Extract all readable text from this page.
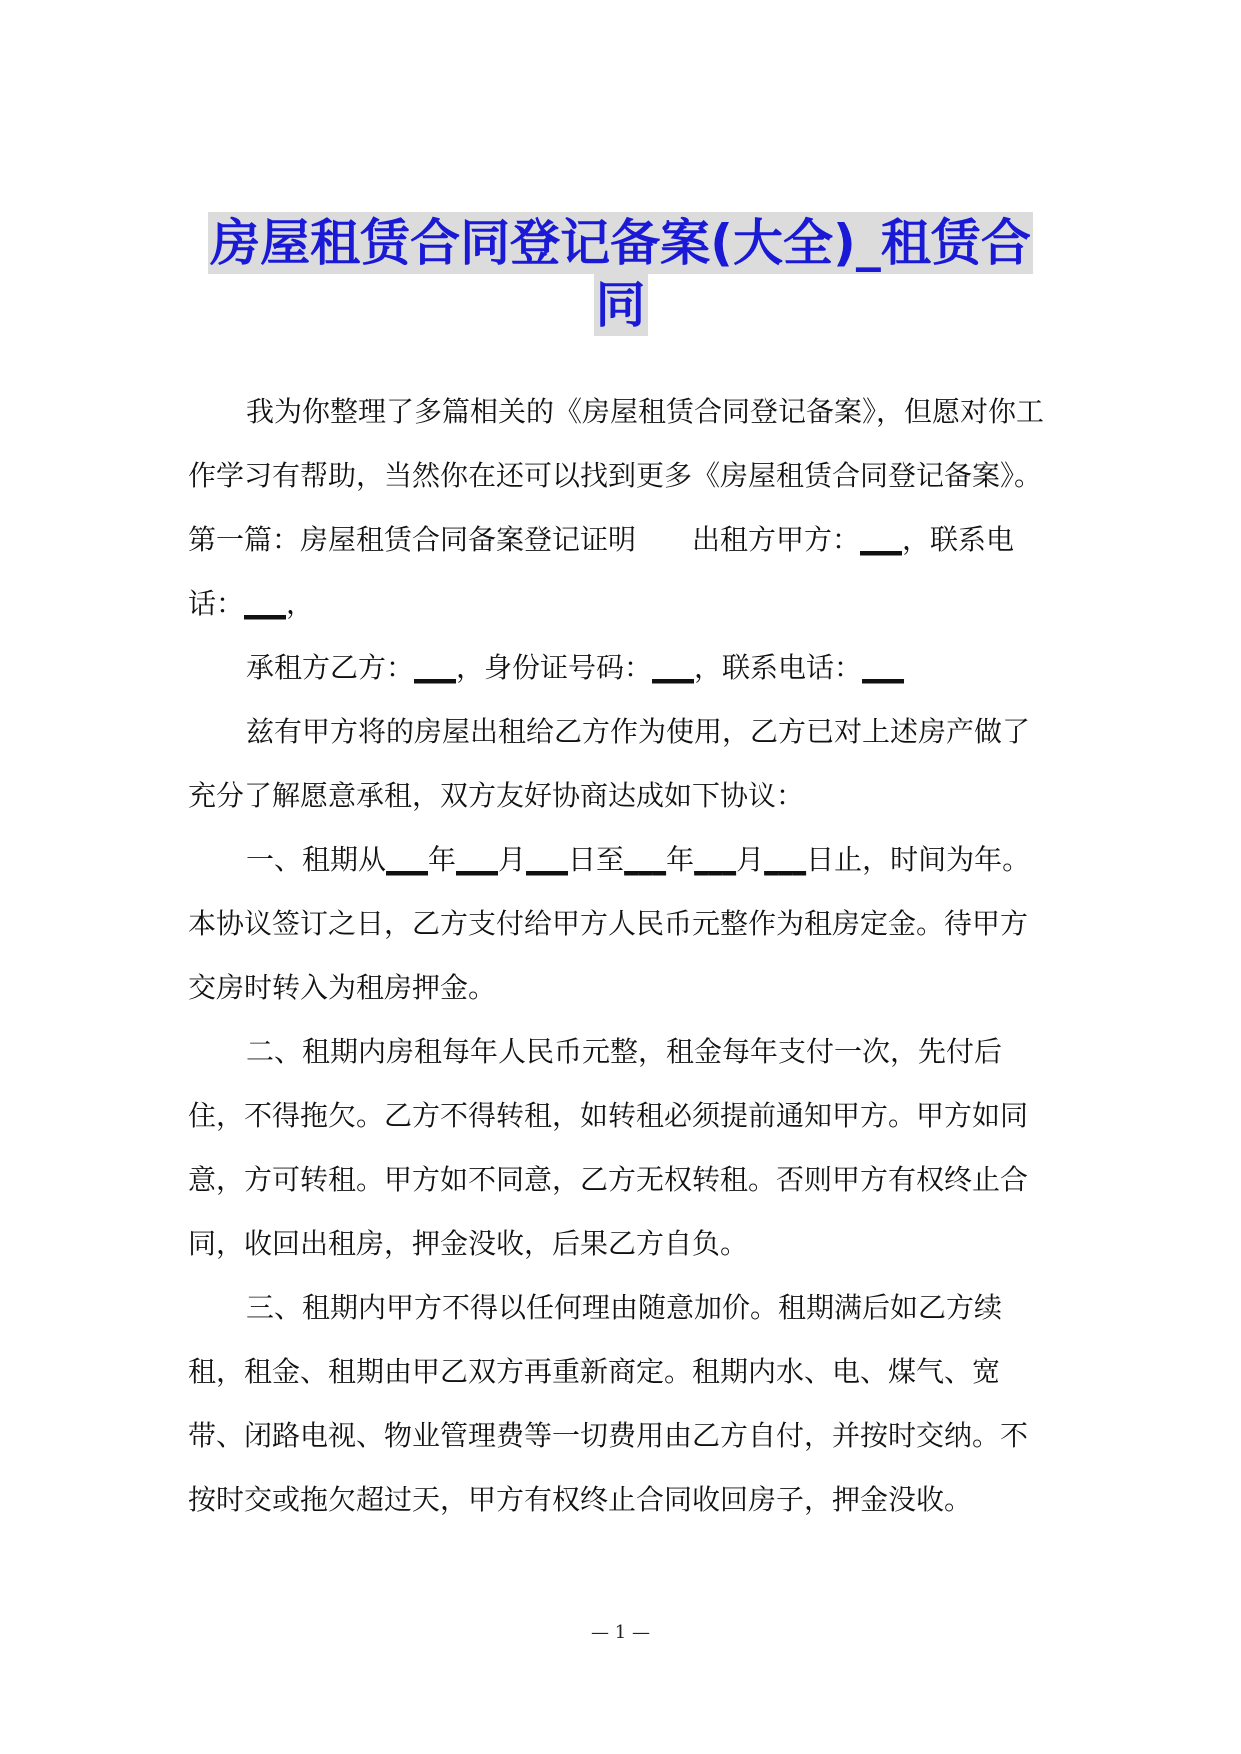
房屋租赁合同登记备案(大全)_租赁合
同

我为你整理了多篇相关的《房屋租赁合同登记备案》，但愿对你工作学习有帮助，当然你在还可以找到更多《房屋租赁合同登记备案》。

第一篇：房屋租赁合同备案登记证明　　出租方甲方：___，联系电话：___，

承租方乙方：___，身份证号码：___，联系电话：___

兹有甲方将的房屋出租给乙方作为使用，乙方已对上述房产做了充分了解愿意承租，双方友好协商达成如下协议：

一、租期从___年___月___日至___年___月___日止，时间为年。本协议签订之日，乙方支付给甲方人民币元整作为租房定金。待甲方交房时转入为租房押金。

二、租期内房租每年人民币元整，租金每年支付一次，先付后住，不得拖欠。乙方不得转租，如转租必须提前通知甲方。甲方如同意，方可转租。甲方如不同意，乙方无权转租。否则甲方有权终止合同，收回出租房，押金没收，后果乙方自负。

三、租期内甲方不得以任何理由随意加价。租期满后如乙方续租，租金、租期由甲乙双方再重新商定。租期内水、电、煤气、宽带、闭路电视、物业管理费等一切费用由乙方自付，并按时交纳。不按时交或拖欠超过天，甲方有权终止合同收回房子，押金没收。

— 1 —
